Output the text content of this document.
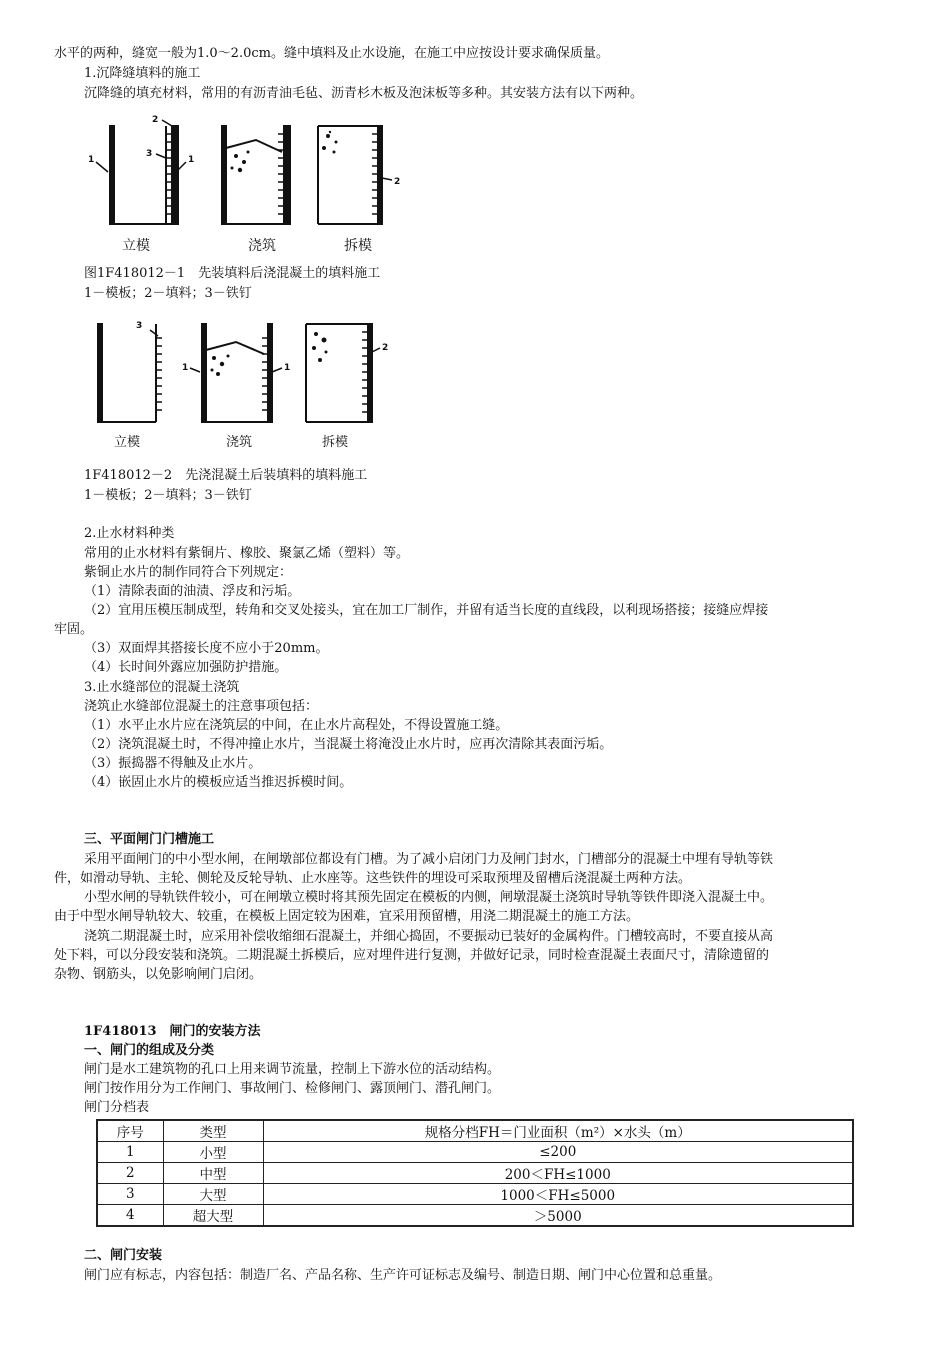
水平的两种，缝宽一般为1.0～2.0cm。缝中填料及止水设施，在施工中应按设计要求确保质量。
1.沉降缝填料的施工
沉降缝的填充材料，常用的有沥青油毛毡、沥青杉木板及泡沫板等多种。其安装方法有以下两种。
1
2
3
1
2
立模	浇筑	拆模
图1F418012－1　先装填料后浇混凝土的填料施工
1－模板；2－填料；3－铁钉
3
1	1
2
立模	浇筑	拆模
1F418012－2　先浇混凝土后装填料的填料施工
1－模板；2－填料；3－铁钉
2.止水材料种类
常用的止水材料有紫铜片、橡胶、聚氯乙烯（塑料）等。
紫铜止水片的制作同符合下列规定：
（1）清除表面的油渍、浮皮和污垢。
（2）宜用压模压制成型，转角和交叉处接头，宜在加工厂制作，并留有适当长度的直线段，以利现场搭接；接缝应焊接
牢固。
（3）双面焊其搭接长度不应小于20mm。
（4）长时间外露应加强防护措施。
3.止水缝部位的混凝土浇筑
浇筑止水缝部位混凝土的注意事项包括：
（1）水平止水片应在浇筑层的中间，在止水片高程处，不得设置施工缝。
（2）浇筑混凝土时，不得冲撞止水片，当混凝土将淹没止水片时，应再次清除其表面污垢。
（3）振捣器不得触及止水片。
（4）嵌固止水片的模板应适当推迟拆模时间。
三、平面闸门门槽施工
采用平面闸门的中小型水闸，在闸墩部位都设有门槽。为了减小启闭门力及闸门封水，门槽部分的混凝土中埋有导轨等铁
件，如滑动导轨、主轮、侧轮及反轮导轨、止水座等。这些铁件的埋设可采取预埋及留槽后浇混凝土两种方法。
小型水闸的导轨铁件较小，可在闸墩立模时将其预先固定在模板的内侧，闸墩混凝土浇筑时导轨等铁件即浇入混凝土中。
由于中型水闸导轨较大、较重，在模板上固定较为困难，宜采用预留槽，用浇二期混凝土的施工方法。
浇筑二期混凝土时，应采用补偿收缩细石混凝土，并细心捣固，不要振动已装好的金属构件。门槽较高时，不要直接从高
处下料，可以分段安装和浇筑。二期混凝土拆模后，应对埋件进行复测，并做好记录，同时检查混凝土表面尺寸，清除遗留的
杂物、钢筋头，以免影响闸门启闭。
1F418013　闸门的安装方法
一、闸门的组成及分类
闸门是水工建筑物的孔口上用来调节流量，控制上下游水位的活动结构。
闸门按作用分为工作闸门、事故闸门、检修闸门、露顶闸门、潜孔闸门。
闸门分档表
序号	类型	规格分档FH＝门业面积（m²）×水头（m）
1	小型	≤200
2	中型	200＜FH≤1000
3	大型	1000＜FH≤5000
4	超大型	＞5000
二、闸门安装
闸门应有标志，内容包括：制造厂名、产品名称、生产许可证标志及编号、制造日期、闸门中心位置和总重量。
